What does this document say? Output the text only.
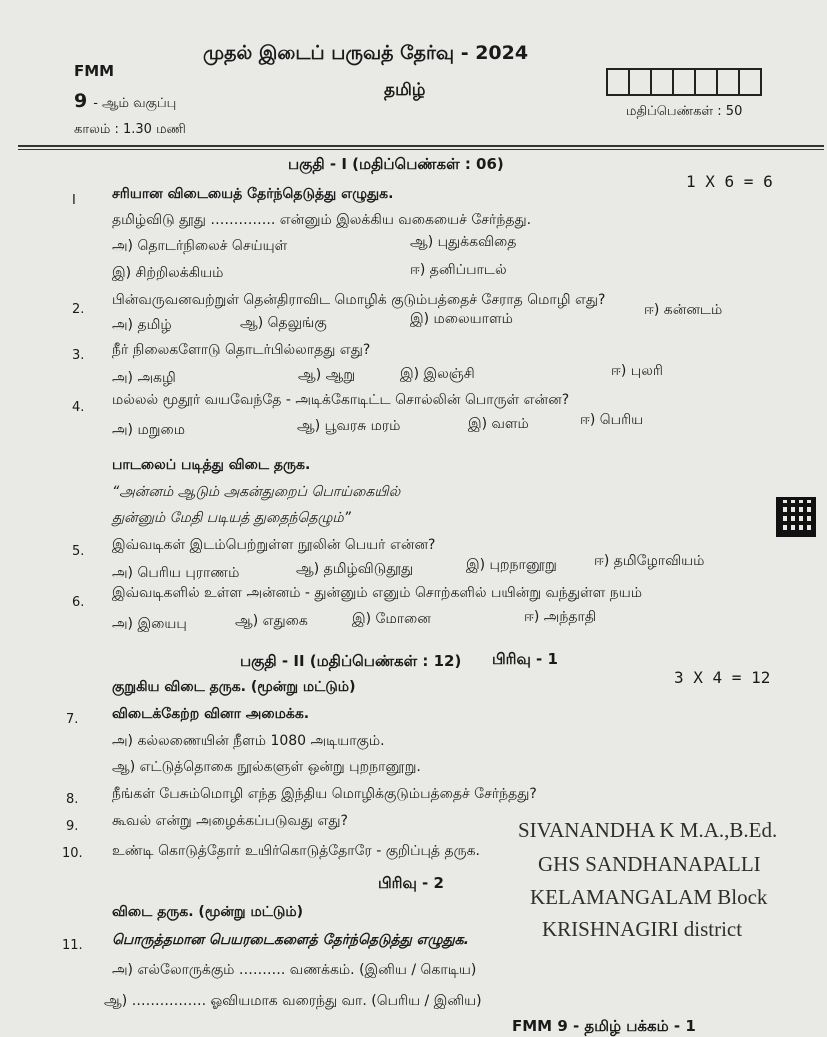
FMM
முதல் இடைப் பருவத் தேர்வு - 2024
தமிழ்
9 - ஆம் வகுப்பு
மதிப்பெண்கள் : 50
காலம் : 1.30 மணி
பகுதி - I (மதிப்பெண்கள் : 06)
1 X 6 = 6
I	சரியான விடையைத் தேர்ந்தெடுத்து எழுதுக.
தமிழ்விடு தூது ………….. என்னும் இலக்கிய வகையைச் சேர்ந்தது.
அ) தொடர்நிலைச் செய்யுள்	ஆ) புதுக்கவிதை
இ) சிற்றிலக்கியம்	ஈ) தனிப்பாடல்
2.
பின்வருவனவற்றுள் தென்திராவிட மொழிக் குடும்பத்தைச் சேராத மொழி எது?
அ) தமிழ்	ஆ) தெலுங்கு	இ) மலையாளம்
ஈ) கன்னடம்
3. நீர் நிலைகளோடு தொடர்பில்லாதது எது?
அ) அகழி	ஆ) ஆறு	இ) இலஞ்சி	ஈ) புலரி
4. மல்லல் மூதூர் வயவேந்தே - அடிக்கோடிட்ட சொல்லின் பொருள் என்ன?
அ) மறுமை	ஆ) பூவரசு மரம்	இ) வளம்	ஈ) பெரிய
பாடலைப் படித்து விடை தருக.
“அன்னம் ஆடும் அகன்துறைப் பொய்கையில்
துன்னும் மேதி படியத் துதைந்தெழும்”
5. இவ்வடிகள் இடம்பெற்றுள்ள நூலின் பெயர் என்ன?
அ) பெரிய புராணம்	ஆ) தமிழ்விடுதூது	இ) புறநானூறு	ஈ) தமிழோவியம்
6.
இவ்வடிகளில் உள்ள அன்னம் - துன்னும் எனும் சொற்களில் பயின்று வந்துள்ள நயம்
அ) இயைபு	ஆ) எதுகை	இ) மோனை	ஈ) அந்தாதி
பகுதி - II (மதிப்பெண்கள் : 12) பிரிவு - 1
3 X 4 = 12
குறுகிய விடை தருக. (மூன்று மட்டும்)
7. விடைக்கேற்ற வினா அமைக்க.
அ) கல்லணையின் நீளம் 1080 அடியாகும்.
ஆ) எட்டுத்தொகை நூல்களுள் ஒன்று புறநானூறு.
8. நீங்கள் பேசும்மொழி எந்த இந்திய மொழிக்குடும்பத்தைச் சேர்ந்தது?
9. கூவல் என்று அழைக்கப்படுவது எது?
10. உண்டி கொடுத்தோர் உயிர்கொடுத்தோரே - குறிப்புத் தருக.
பிரிவு - 2
விடை தருக. (மூன்று மட்டும்)
11. பொருத்தமான பெயரடைகளைத் தேர்ந்தெடுத்து எழுதுக.
அ) எல்லோருக்கும் ………. வணக்கம். (இனிய / கொடிய)
ஆ) ……………. ஓவியமாக வரைந்து வா. (பெரிய / இனிய)
SIVANANDHA K M.A.,B.Ed.
GHS SANDHANAPALLI
KELAMANGALAM Block
KRISHNAGIRI district
FMM 9 - தமிழ் பக்கம் - 1
